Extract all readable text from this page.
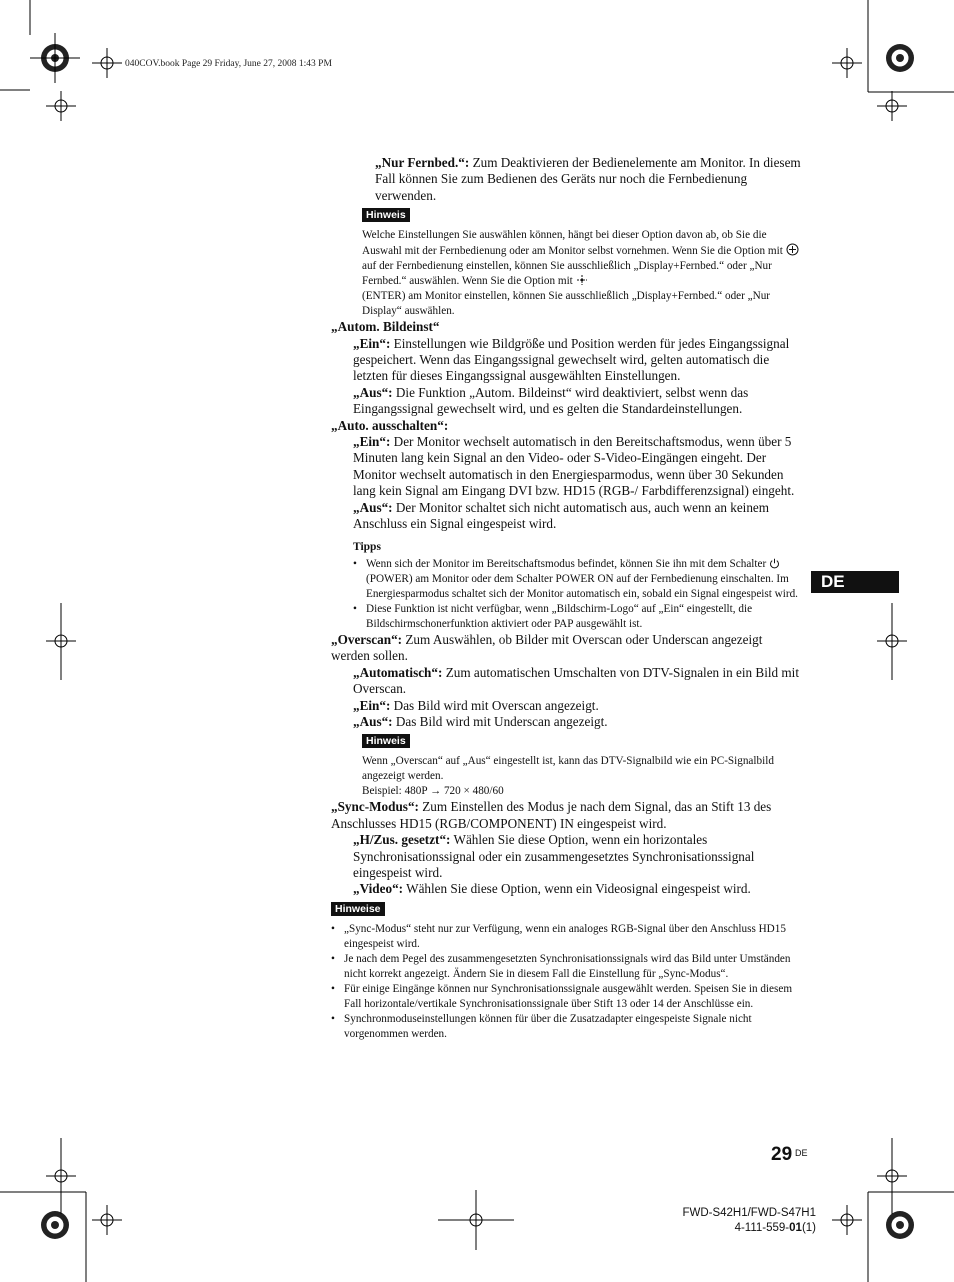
040COV.book Page 29 Friday, June 27, 2008 1:43 PM

„Nur Fernbed.“: Zum Deaktivieren der Bedienelemente am Monitor. In diesem Fall können Sie zum Bedienen des Geräts nur noch die Fernbedienung verwenden.

Hinweis
Welche Einstellungen Sie auswählen können, hängt bei dieser Option davon ab, ob Sie die Auswahl mit der Fernbedienung oder am Monitor selbst vornehmen. Wenn Sie die Option mit  auf der Fernbedienung einstellen, können Sie ausschließlich „Display+Fernbed.“ oder „Nur Fernbed.“ auswählen. Wenn Sie die Option mit
(ENTER) am Monitor einstellen, können Sie ausschließlich „Display+Fernbed.“ oder „Nur Display“ auswählen.

„Autom. Bildeinst“

„Ein“: Einstellungen wie Bildgröße und Position werden für jedes Eingangssignal gespeichert. Wenn das Eingangssignal gewechselt wird, gelten automatisch die letzten für dieses Eingangssignal ausgewählten Einstellungen.

„Aus“: Die Funktion „Autom. Bildeinst“ wird deaktiviert, selbst wenn das Eingangssignal gewechselt wird, und es gelten die Standardeinstellungen.

„Auto. ausschalten“:

„Ein“: Der Monitor wechselt automatisch in den Bereitschaftsmodus, wenn über 5 Minuten lang kein Signal an den Video- oder S-Video-Eingängen eingeht. Der Monitor wechselt automatisch in den Energiesparmodus, wenn über 30 Sekunden lang kein Signal am Eingang DVI bzw. HD15 (RGB-/ Farbdifferenzsignal) eingeht.

„Aus“: Der Monitor schaltet sich nicht automatisch aus, auch wenn an keinem Anschluss ein Signal eingespeist wird.

Tipps
• Wenn sich der Monitor im Bereitschaftsmodus befindet, können Sie ihn mit dem Schalter  (POWER) am Monitor oder dem Schalter POWER ON auf der Fernbedienung einschalten. Im Energiesparmodus schaltet sich der Monitor automatisch ein, sobald ein Signal eingespeist wird.
• Diese Funktion ist nicht verfügbar, wenn „Bildschirm-Logo“ auf „Ein“ eingestellt, die Bildschirmschonerfunktion aktiviert oder PAP ausgewählt ist.

„Overscan“: Zum Auswählen, ob Bilder mit Overscan oder Underscan angezeigt werden sollen.

„Automatisch“: Zum automatischen Umschalten von DTV-Signalen in ein Bild mit Overscan.

„Ein“: Das Bild wird mit Overscan angezeigt.

„Aus“: Das Bild wird mit Underscan angezeigt.

Hinweis
Wenn „Overscan“ auf „Aus“ eingestellt ist, kann das DTV-Signalbild wie ein PC-Signalbild angezeigt werden.
Beispiel: 480P → 720 × 480/60

„Sync-Modus“: Zum Einstellen des Modus je nach dem Signal, das an Stift 13 des Anschlusses HD15 (RGB/COMPONENT) IN eingespeist wird.

„H/Zus. gesetzt“: Wählen Sie diese Option, wenn ein horizontales Synchronisationssignal oder ein zusammengesetztes Synchronisationssignal eingespeist wird.

„Video“: Wählen Sie diese Option, wenn ein Videosignal eingespeist wird.

Hinweise
• „Sync-Modus“ steht nur zur Verfügung, wenn ein analoges RGB-Signal über den Anschluss HD15 eingespeist wird.
• Je nach dem Pegel des zusammengesetzten Synchronisationssignals wird das Bild unter Umständen nicht korrekt angezeigt. Ändern Sie in diesem Fall die Einstellung für „Sync-Modus“.
• Für einige Eingänge können nur Synchronisationssignale ausgewählt werden. Speisen Sie in diesem Fall horizontale/vertikale Synchronisationssignale über Stift 13 oder 14 der Anschlüsse ein.
• Synchronmoduseinstellungen können für über die Zusatzadapter eingespeiste Signale nicht vorgenommen werden.
DE
29 DE
FWD-S42H1/FWD-S47H1
4-111-559-01(1)
